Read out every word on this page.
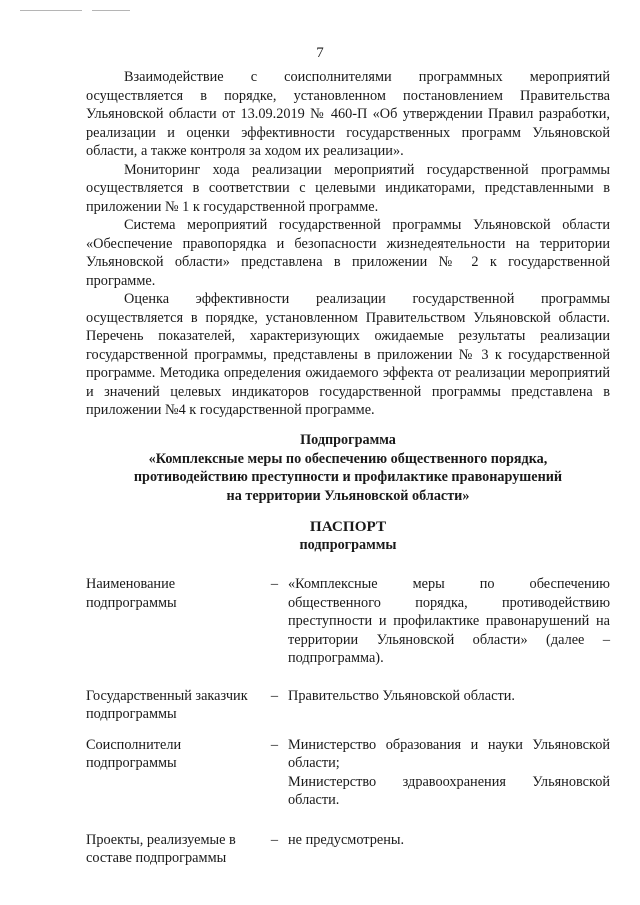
7

Взаимодействие с соисполнителями программных мероприятий осуществляется в порядке, установленном постановлением Правительства Ульяновской области от 13.09.2019 № 460-П «Об утверждении Правил разработки, реализации и оценки эффективности государственных программ Ульяновской области, а также контроля за ходом их реализации».

Мониторинг хода реализации мероприятий государственной программы осуществляется в соответствии с целевыми индикаторами, представленными в приложении № 1 к государственной программе.

Система мероприятий государственной программы Ульяновской области «Обеспечение правопорядка и безопасности жизнедеятельности на территории Ульяновской области» представлена в приложении № 2 к государственной программе.

Оценка эффективности реализации государственной программы осуществляется в порядке, установленном Правительством Ульяновской области. Перечень показателей, характеризующих ожидаемые результаты реализации государственной программы, представлены в приложении № 3 к государственной программе. Методика определения ожидаемого эффекта от реализации мероприятий и значений целевых индикаторов государственной программы представлена в приложении №4 к государственной программе.

Подпрограмма
«Комплексные меры по обеспечению общественного порядка,
противодействию преступности и профилактике правонарушений
на территории Ульяновской области»
ПАСПОРТ
подпрограммы
Наименование подпрограммы
– «Комплексные меры по обеспечению общественного порядка, противодействию преступности и профилактике правонарушений на территории Ульяновской области» (далее – подпрограмма).
Государственный заказчик подпрограммы
– Правительство Ульяновской области.
Соисполнители подпрограммы
– Министерство образования и науки Ульяновской области;
Министерство здравоохранения Ульяновской области.
Проекты, реализуемые в составе подпрограммы
– не предусмотрены.
